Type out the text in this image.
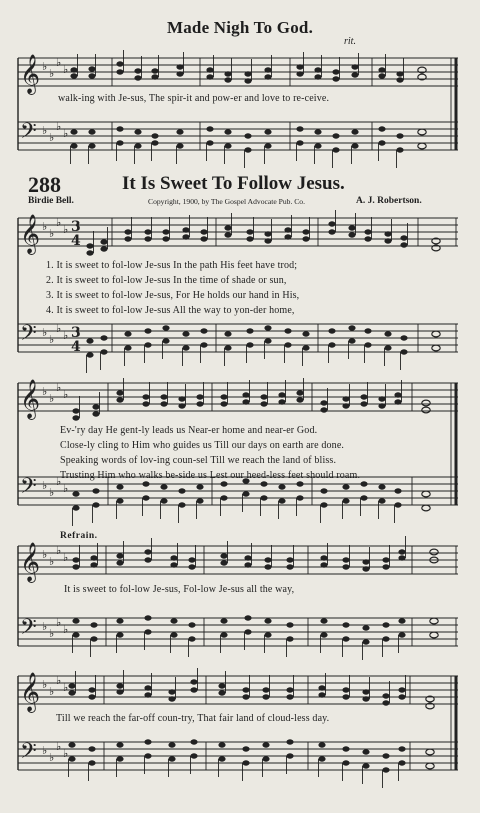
Made Nigh To God.
rit.
𝄞 ♭
♭
♭
♭
𝄢 ♭
♭
♭
♭
walk-ing with Je-sus, The spir-it and pow-er and love to re-ceive.
288	It Is Sweet To Follow Jesus.
Birdie Bell.	Copyright, 1900, by The Gospel Advocate Pub. Co.	A. J. Robertson.
𝄞 ♭
♭
♭
♭ 3
4
𝄢 ♭
♭
♭
♭ 3
4
1. It is sweet to fol-low Je-sus In the path His feet have trod;
2. It is sweet to fol-low Je-sus In the time of shade or sun,
3. It is sweet to fol-low Je-sus, For He holds our hand in His,
4. It is sweet to fol-low Je-sus All the way to yon-der home,
𝄞 ♭
♭
♭
♭
𝄢 ♭
♭
♭
♭
Ev-'ry day He gent-ly leads us Near-er home and near-er God.
Close-ly cling to Him who guides us Till our days on earth are done.
Speaking words of lov-ing coun-sel Till we reach the land of bliss.
Trusting Him who walks be-side us Lest our heed-less feet should roam.
Refrain.
𝄞 ♭
♭
♭
♭
𝄢 ♭
♭
♭
♭
It is sweet to fol-low Je-sus, Fol-low Je-sus all the way,
𝄞 ♭
♭
♭
♭
𝄢 ♭
♭
♭
♭
Till we reach the far-off coun-try, That fair land of cloud-less day.
